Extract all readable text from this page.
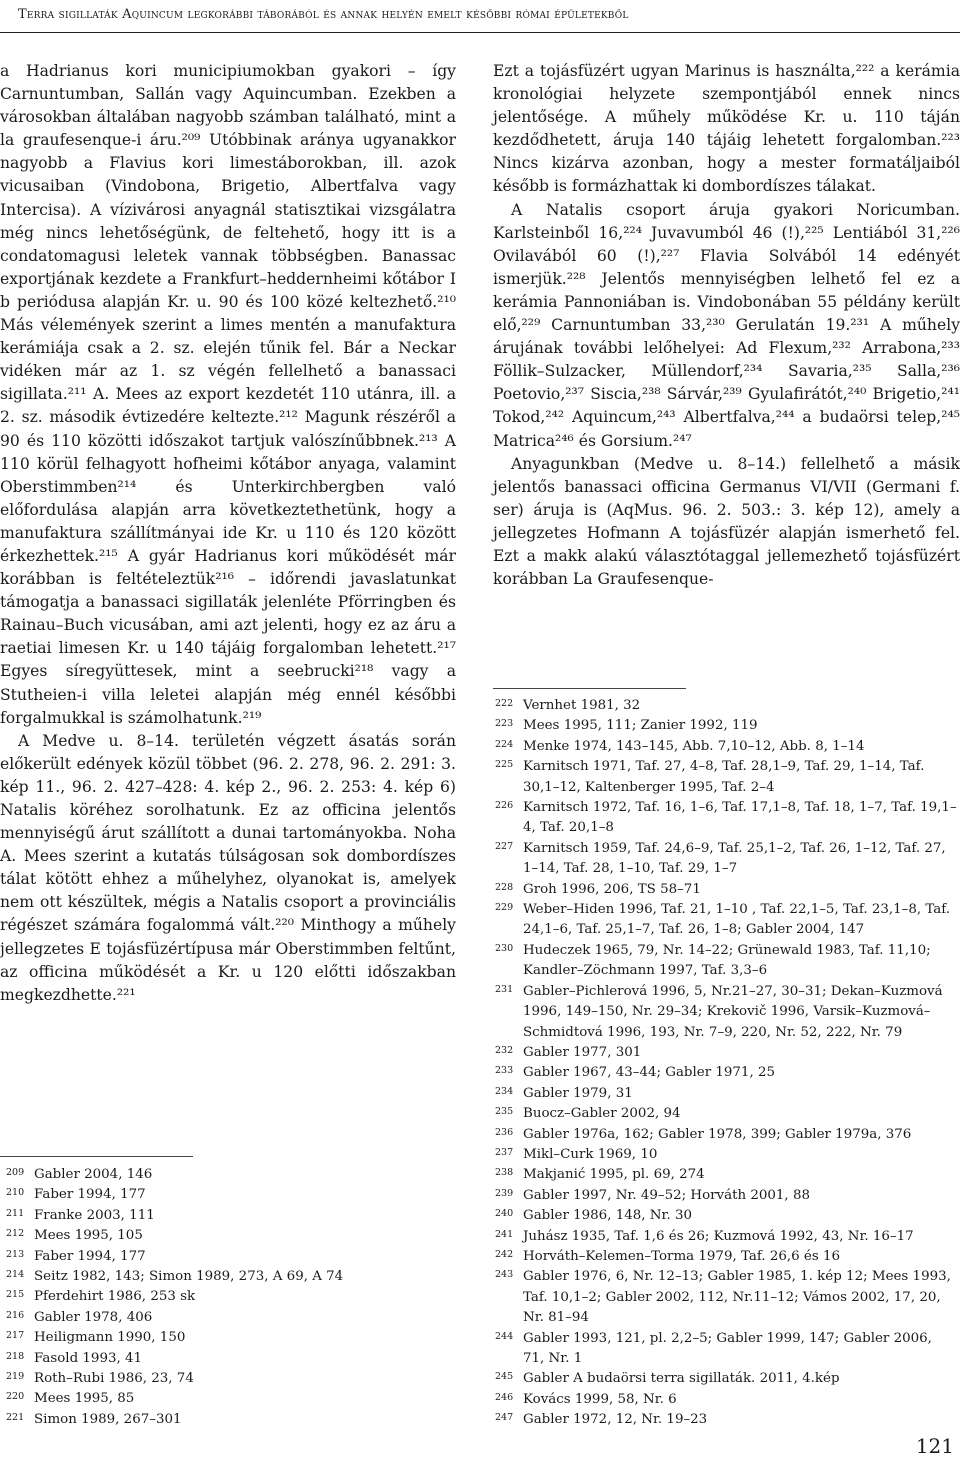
Terra sigillaták Aquincum legkorábbi táborából és annak helyén emelt későbbi római épületekből

a Hadrianus kori municipiumokban gyakori – így Carnuntumban, Sallán vagy Aquincumban. Ezekben a városokban általában nagyobb számban található, mint a la graufesenque-i áru.²⁰⁹ Utóbbinak aránya ugyanakkor nagyobb a Flavius kori limestáborokban, ill. azok vicusaiban (Vindobona, Brigetio, Albertfalva vagy Intercisa). A vízivárosi anyagnál statisztikai vizsgálatra még nincs lehetőségünk, de feltehető, hogy itt is a condatomagusi leletek vannak többségben. Banassac exportjának kezdete a Frankfurt–heddernheimi kőtábor I b periódusa alapján Kr. u. 90 és 100 közé keltezhető.²¹⁰ Más vélemények szerint a limes mentén a manufaktura kerámiája csak a 2. sz. elején tűnik fel. Bár a Neckar vidéken már az 1. sz végén fellelhető a banassaci sigillata.²¹¹ A. Mees az export kezdetét 110 utánra, ill. a 2. sz. második évtizedére keltezte.²¹² Magunk részéről a 90 és 110 közötti időszakot tartjuk valószínűbbnek.²¹³ A 110 körül felhagyott hofheimi kőtábor anyaga, valamint Oberstimmben²¹⁴ és Unterkirchbergben való előfordulása alapján arra következtethetünk, hogy a manufaktura szállítmányai ide Kr. u 110 és 120 között érkezhettek.²¹⁵ A gyár Hadrianus kori működését már korábban is feltételeztük²¹⁶ – időrendi javaslatunkat támogatja a banassaci sigillaták jelenléte Pförringben és Rainau–Buch vicusában, ami azt jelenti, hogy ez az áru a raetiai limesen Kr. u 140 tájáig forgalomban lehetett.²¹⁷ Egyes síregyüttesek, mint a seebrucki²¹⁸ vagy a Stutheien-i villa leletei alapján még ennél későbbi forgalmukkal is számolhatunk.²¹⁹

A Medve u. 8–14. területén végzett ásatás során előkerült edények közül többet (96. 2. 278, 96. 2. 291: 3. kép 11., 96. 2. 427–428: 4. kép 2., 96. 2. 253: 4. kép 6) Natalis köréhez sorolhatunk. Ez az officina jelentős mennyiségű árut szállított a dunai tartományokba. Noha A. Mees szerint a kutatás túlságosan sok dombordíszes tálat kötött ehhez a műhelyhez, olyanokat is, amelyek nem ott készültek, mégis a Natalis csoport a provinciális régészet számára fogalommá vált.²²⁰ Minthogy a műhely jellegzetes E tojásfüzértípusa már Oberstimmben feltűnt, az officina működését a Kr. u 120 előtti időszakban megkezdhette.²²¹

209 Gabler 2004, 146
210 Faber 1994, 177
211 Franke 2003, 111
212 Mees 1995, 105
213 Faber 1994, 177
214 Seitz 1982, 143; Simon 1989, 273, A 69, A 74
215 Pferdehirt 1986, 253 sk
216 Gabler 1978, 406
217 Heiligmann 1990, 150
218 Fasold 1993, 41
219 Roth–Rubi 1986, 23, 74
220 Mees 1995, 85
221 Simon 1989, 267–301

Ezt a tojásfüzért ugyan Marinus is használta,²²² a kerámia kronológiai helyzete szempontjából ennek nincs jelentősége. A műhely működése Kr. u. 110 táján kezdődhetett, áruja 140 tájáig lehetett forgalomban.²²³ Nincs kizárva azonban, hogy a mester formatáljaiból később is formázhattak ki dombordíszes tálakat.

A Natalis csoport áruja gyakori Noricumban. Karlsteinből 16,²²⁴ Juvavumból 46 (!),²²⁵ Lentiából 31,²²⁶ Ovilavából 60 (!),²²⁷ Flavia Solvából 14 edényét ismerjük.²²⁸ Jelentős mennyiségben lelhető fel ez a kerámia Pannoniában is. Vindobonában 55 példány került elő,²²⁹ Carnuntumban 33,²³⁰ Gerulatán 19.²³¹ A műhely árujának további lelőhelyei: Ad Flexum,²³² Arrabona,²³³ Föllik–Sulzacker, Müllendorf,²³⁴ Savaria,²³⁵ Salla,²³⁶ Poetovio,²³⁷ Siscia,²³⁸ Sárvár,²³⁹ Gyulafirátót,²⁴⁰ Brigetio,²⁴¹ Tokod,²⁴² Aquincum,²⁴³ Albertfalva,²⁴⁴ a budaörsi telep,²⁴⁵ Matrica²⁴⁶ és Gorsium.²⁴⁷

Anyagunkban (Medve u. 8–14.) fellelhető a másik jelentős banassaci officina Germanus VI/VII (Germani f. ser) áruja is (AqMus. 96. 2. 503.: 3. kép 12), amely a jellegzetes Hofmann A tojásfüzér alapján ismerhető fel. Ezt a makk alakú választótaggal jellemezhető tojásfüzért korábban La Graufesenque-

222 Vernhet 1981, 32
223 Mees 1995, 111; Zanier 1992, 119
224 Menke 1974, 143–145, Abb. 7,10–12, Abb. 8, 1–14
225 Karnitsch 1971, Taf. 27, 4–8, Taf. 28,1–9, Taf. 29, 1–14, Taf. 30,1–12, Kaltenberger 1995, Taf. 2–4
226 Karnitsch 1972, Taf. 16, 1–6, Taf. 17,1–8, Taf. 18, 1–7, Taf. 19,1–4, Taf. 20,1–8
227 Karnitsch 1959, Taf. 24,6–9, Taf. 25,1–2, Taf. 26, 1–12, Taf. 27, 1–14, Taf. 28, 1–10, Taf. 29, 1–7
228 Groh 1996, 206, TS 58–71
229 Weber–Hiden 1996, Taf. 21, 1–10 , Taf. 22,1–5, Taf. 23,1–8, Taf. 24,1–6, Taf. 25,1–7, Taf. 26, 1–8; Gabler 2004, 147
230 Hudeczek 1965, 79, Nr. 14–22; Grünewald 1983, Taf. 11,10; Kandler–Zöchmann 1997, Taf. 3,3–6
231 Gabler–Pichlerová 1996, 5, Nr.21–27, 30–31; Dekan–Kuzmová 1996, 149–150, Nr. 29–34; Krekovič 1996, Varsik–Kuzmová–Schmidtová 1996, 193, Nr. 7–9, 220, Nr. 52, 222, Nr. 79
232 Gabler 1977, 301
233 Gabler 1967, 43–44; Gabler 1971, 25
234 Gabler 1979, 31
235 Buocz–Gabler 2002, 94
236 Gabler 1976a, 162; Gabler 1978, 399; Gabler 1979a, 376
237 Mikl–Curk 1969, 10
238 Makjanić 1995, pl. 69, 274
239 Gabler 1997, Nr. 49–52; Horváth 2001, 88
240 Gabler 1986, 148, Nr. 30
241 Juhász 1935, Taf. 1,6 és 26; Kuzmová 1992, 43, Nr. 16–17
242 Horváth–Kelemen–Torma 1979, Taf. 26,6 és 16
243 Gabler 1976, 6, Nr. 12–13; Gabler 1985, 1. kép 12; Mees 1993, Taf. 10,1–2; Gabler 2002, 112, Nr.11–12; Vámos 2002, 17, 20, Nr. 81–94
244 Gabler 1993, 121, pl. 2,2–5; Gabler 1999, 147; Gabler 2006, 71, Nr. 1
245 Gabler A budaörsi terra sigillaták. 2011, 4.kép
246 Kovács 1999, 58, Nr. 6
247 Gabler 1972, 12, Nr. 19–23
121
